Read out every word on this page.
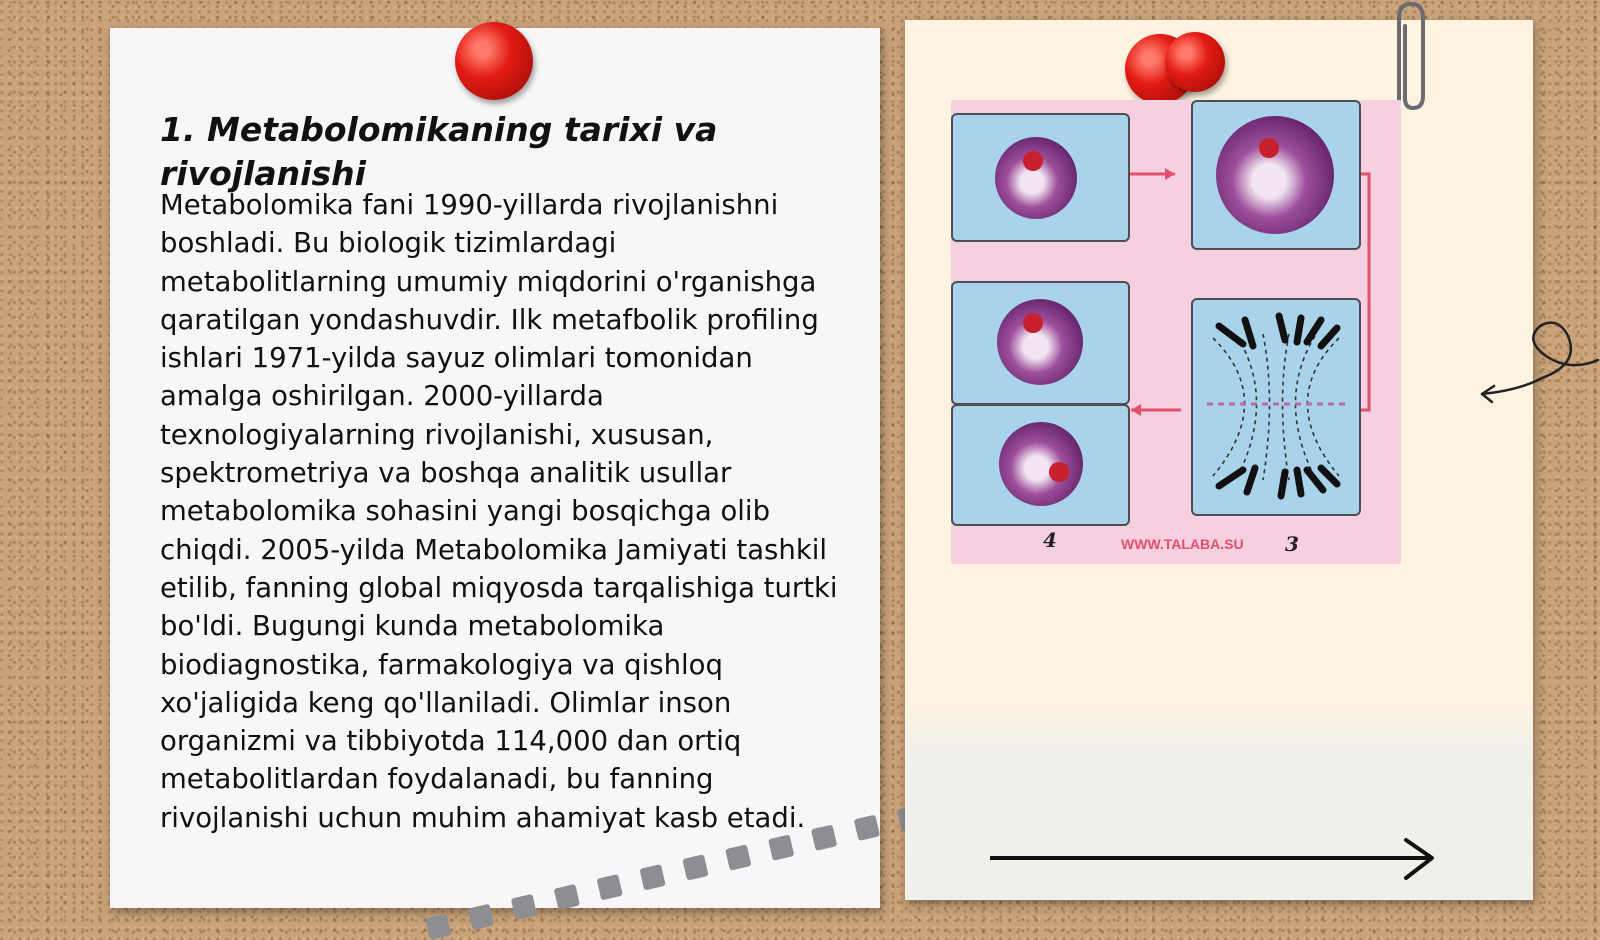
1. Metabolomikaning tarixi va rivojlanishi

Metabolomika fani 1990-yillarda rivojlanishni boshladi. Bu biologik tizimlardagi metabolitlarning umumiy miqdorini o'rganishga qaratilgan yondashuvdir. Ilk metafbolik profiling ishlari 1971-yilda sayuz olimlari tomonidan amalga oshirilgan. 2000-yillarda texnologiyalarning rivojlanishi, xususan, spektrometriya va boshqa analitik usullar metabolomika sohasini yangi bosqichga olib chiqdi. 2005-yilda Metabolomika Jamiyati tashkil etilib, fanning global miqyosda tarqalishiga turtki bo'ldi. Bugungi kunda metabolomika biodiagnostika, farmakologiya va qishloq xo'jaligida keng qo'llaniladi. Olimlar inson organizmi va tibbiyotda 114,000 dan ortiq metabolitlardan foydalanadi, bu fanning rivojlanishi uchun muhim ahamiyat kasb etadi.

4	WWW.TALABA.SU 3
